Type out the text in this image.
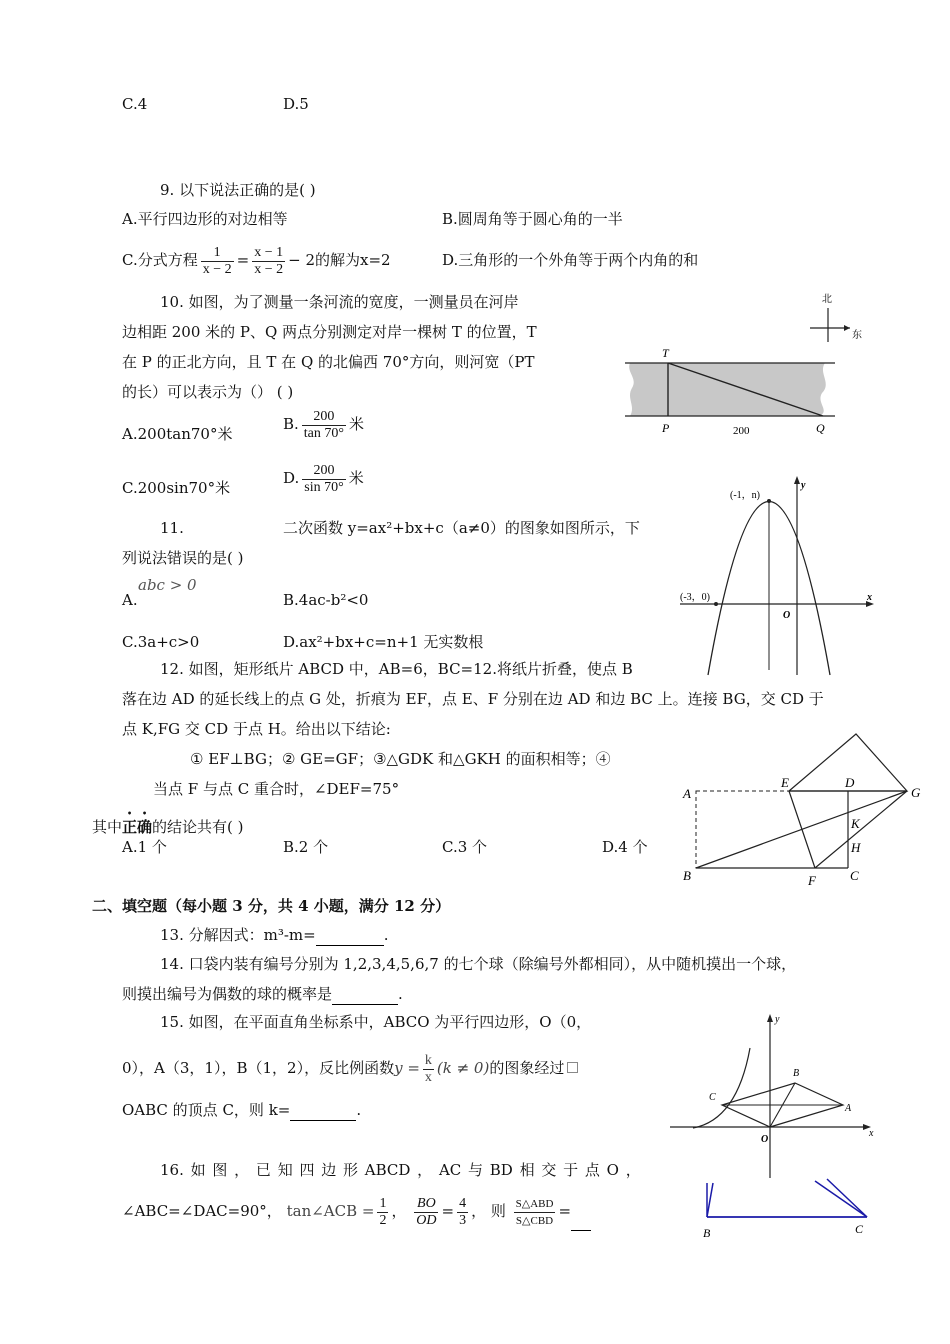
C.4	D.5
9. 以下说法正确的是( )
A.平行四边形的对边相等	B.圆周角等于圆心角的一半
C.分式方程 $\frac{1}{x - 2} = \frac{x - 1}{x - 2} - 2$的解为x=2	D.三角形的一个外角等于两个内角的和
10. 如图，为了测量一条河流的宽度，一测量员在河岸
边相距 200 米的 P、Q 两点分别测定对岸一棵树 T 的位置，T
在 P 的正北方向，且 T 在 Q 的北偏西 70°方向，则河宽（PT
的长）可以表示为（） ( )
A.200tan70°米
B. $\frac{200}{\tan 70^\circ}$ 米
C.200sin70°米
D. $\frac{200}{\sin 70^\circ}$ 米
北
东
T
P	Q
200
11.	二次函数 y=ax²+bx+c（a≠0）的图象如图所示，下
列说法错误的是( )
A.
abc > 0
B.4ac-b²<0
C.3a+c>0	D.ax²+bx+c=n+1 无实数根
(-1，n)
(-3，0)
y
x
O
12. 如图，矩形纸片 ABCD 中，AB=6，BC=12.将纸片折叠，使点 B
落在边 AD 的延长线上的点 G 处，折痕为 EF，点 E、F 分别在边 AD 和边 BC 上。连接 BG，交 CD 于
点 K,FG 交 CD 于点 H。给出以下结论:
① EF⊥BG；② GE=GF；③△GDK 和△GKH 的面积相等；④
当点 F 与点 C 重合时，∠DEF=75°
其中正确的结论共有( )
A.1 个	B.2 个	C.3 个	D.4 个
A
B	C
D
E
F
G
H
K
二、填空题（每小题 3 分，共 4 小题，满分 12 分）
13. 分解因式：m³-m=	.
14. 口袋内装有编号分别为 1,2,3,4,5,6,7 的七个球（除编号外都相同），从中随机摸出一个球，
则摸出编号为偶数的球的概率是	.
15. 如图，在平面直角坐标系中，ABCO 为平行四边形，O（0，
0），A（3，1），B（1，2），反比例函数$y = \frac{k}{x} (k \ne 0)$的图象经过
OABC 的顶点 C，则 k=	.
C
B
A
O
x
y
16. 如 图 ， 已 知 四 边 形 ABCD ， AC 与 BD 相 交 于 点 O ，
∠ABC=∠DAC=90°， tan∠ACB = $\frac{1}{2}$ ， $\frac{BO}{OD} = \frac{4}{3}$ ， 则 $\frac{\text{S△ABD}}{\text{S△CBD}}$ =
B	C
